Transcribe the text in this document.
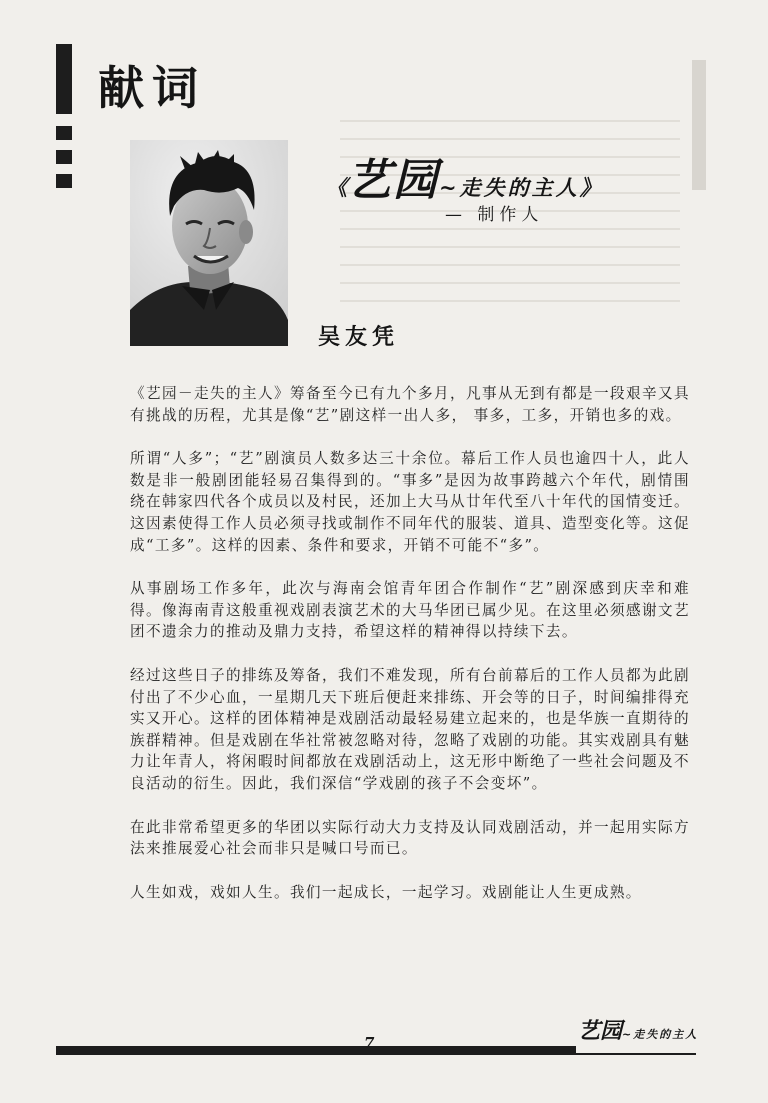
献词
《艺园~走失的主人》
— 制作人
吴友凭

《艺园－走失的主人》筹备至今已有九个多月，凡事从无到有都是一段艰辛又具有挑战的历程，尤其是像“艺”剧这样一出人多， 事多，工多，开销也多的戏。

所谓“人多”；“艺”剧演员人数多达三十余位。幕后工作人员也逾四十人，此人数是非一般剧团能轻易召集得到的。“事多”是因为故事跨越六个年代，剧情围绕在韩家四代各个成员以及村民，还加上大马从廿年代至八十年代的国情变迁。这因素使得工作人员必须寻找或制作不同年代的服装、道具、造型变化等。这促成“工多”。这样的因素、条件和要求，开销不可能不“多”。

从事剧场工作多年，此次与海南会馆青年团合作制作“艺”剧深感到庆幸和难得。像海南青这般重视戏剧表演艺术的大马华团已属少见。在这里必须感谢文艺团不遗余力的推动及鼎力支持，希望这样的精神得以持续下去。

经过这些日子的排练及筹备，我们不难发现，所有台前幕后的工作人员都为此剧付出了不少心血，一星期几天下班后便赶来排练、开会等的日子，时间编排得充实又开心。这样的团体精神是戏剧活动最轻易建立起来的，也是华族一直期待的族群精神。但是戏剧在华社常被忽略对待，忽略了戏剧的功能。其实戏剧具有魅力让年青人，将闲暇时间都放在戏剧活动上，这无形中断绝了一些社会问题及不良活动的衍生。因此，我们深信“学戏剧的孩子不会变坏”。

在此非常希望更多的华团以实际行动大力支持及认同戏剧活动，并一起用实际方法来推展爱心社会而非只是喊口号而已。

人生如戏，戏如人生。我们一起成长，一起学习。戏剧能让人生更成熟。

7	艺园~走失的主人
